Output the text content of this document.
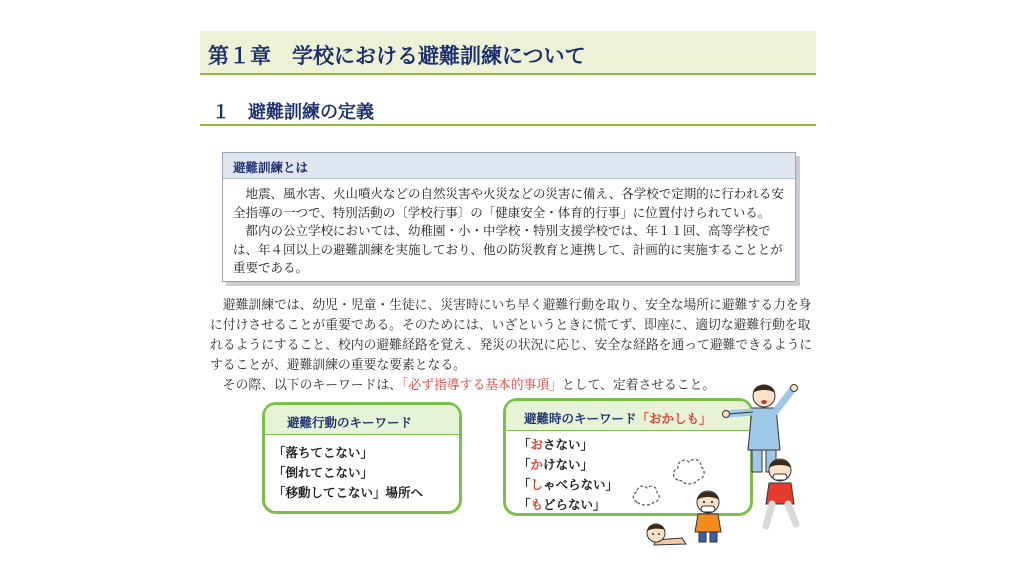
第１章　学校における避難訓練について
１　避難訓練の定義
避難訓練とは

地震、風水害、火山噴火などの自然災害や火災などの災害に備え、各学校で定期的に行われる安全指導の一つで、特別活動の〔学校行事〕の「健康安全・体育的行事」に位置付けられている。

都内の公立学校においては、幼稚園・小・中学校・特別支援学校では、年１１回、高等学校では、年４回以上の避難訓練を実施しており、他の防災教育と連携して、計画的に実施することとが重要である。

避難訓練では、幼児・児童・生徒に、災害時にいち早く避難行動を取り、安全な場所に避難する力を身に付けさせることが重要である。そのためには、いざというときに慌てず、即座に、適切な避難行動を取れるようにすること、校内の避難経路を覚え、発災の状況に応じ、安全な経路を通って避難できるようにすることが、避難訓練の重要な要素となる。

その際、以下のキーワードは、「必ず指導する基本的事項」として、定着させること。

避難行動のキーワード
「落ちてこない」
「倒れてこない」
「移動してこない」場所へ
避難時のキーワード「おかしも」
「おさない」
「かけない」
「しゃべらない」
「もどらない」
